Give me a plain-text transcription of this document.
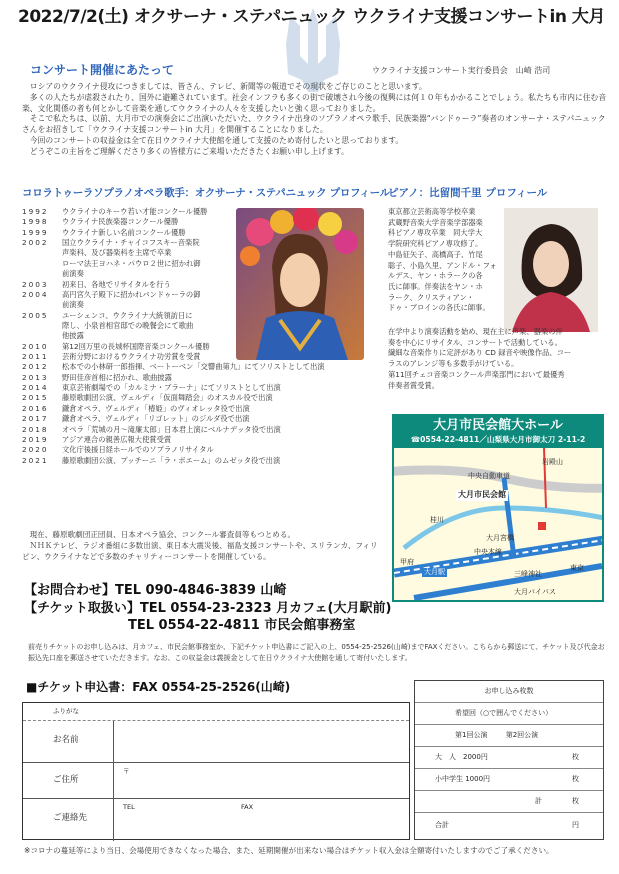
2022/7/2(土) オクサーナ・ステパニュック ウクライナ支援コンサートin 大月
コンサート開催にあたって	ウクライナ支援コンサート実行委員会　山崎 浩司

ロシアのウクライナ侵攻につきましては、皆さん、テレビ、新聞等の報道でその現状をご存じのことと思います。

多くの人たちが虐殺されたり、国外に避難されています。社会インフラも多くの街で破壊され今後の復興には何１０年もかかることでしょう。私たちも市内に住む音楽、文化関係の者も何とかして音楽を通してウクライナの人々を支援したいと強く思っておりました。

そこで私たちは、以前、大月市での演奏会にご出演いただいた、ウクライナ出身のソプラノオペラ歌手、民族楽器“バンドゥーラ”奏者のオンサーナ・ステパニュックさんをお招きして「ウクライナ支援コンサートin 大月」を開催することになりました。

今回のコンサートの収益金は全て在日ウクライナ大使館を通して支援のため寄付したいと思っております。

どうぞこの主旨をご理解くださり多くの皆様方にご来場いただきたくお願い申し上げます。

コロラトゥーラソプラノオペラ歌手：オクサーナ・ステパニュック プロフィール
ピアノ：比留間千里 プロフィール
1992	ウクライナのキーウ若い才能コンクール優勝
1998	ウクライナ民族楽器コンクール優勝
1999	ウクライナ新しい名前コンクール優勝
2002	国立ウクライナ・チャイコフスキー音楽院
声楽科、及び器楽科を主席で卒業
ローマ法王ヨハネ・パウロ２世に招かれ御
前演奏
2003	初来日、各地でリサイタルを行う
2004	高円宮久子殿下に招かれバンドゥーラの御
前演奏
2005	ユーシェンコ、ウクライナ大統領訪日に
際し、小泉首相官邸での晩餐会にて歌曲
他披露
2010	第12回万里の長城杯国際音楽コンクール優勝
2011	芸術分野におけるウクライナ功労賞を受賞
2012	松本での小林研一郎指揮、ベートーベン「交響曲第九」にてソリストとして出演
2013	野田佳彦首相に招かれ、歌曲披露
2014	東京芸術劇場での「カルミナ・ブラーナ」にてソリストとして出演
2015	藤原歌劇団公演、ヴェルディ「仮面舞踏会」のオスカル役で出演
2016	鎌倉オペラ、ヴェルディ「椿姫」のヴィオレッタ役で出演
2017	鎌倉オペラ、ヴェルディ「リゴレット」のジルダ役で出演
2018	オペラ「荒城の月～滝廉太郎」日本君上演にベルナデッタ役で出演
2019	アジア連合の親善広報大使賞受賞
2020	文化庁後援日経ホールでのソプラノリサイタル
2021	藤原歌劇団公演、プッチーニ「ラ・ボエーム」のムゼッタ役で出演
東京都立芸術高等学校卒業
武蔵野音楽大学音楽学部器楽
科ピアノ専攻卒業　同大学大
学院研究科ピアノ専攻修了。
中島征矢子、高橋高子、竹尾
聡子、小島久里、アンドル・フォ
ルデス、ヤン・ホラークの各
氏に師事。伴奏法をヤン・ホ
ラーク、クリスティアン・
ドゥ・ブロインの各氏に師事。
在学中より演奏活動を始め、現在主に声楽、器楽の伴
奏を中心にリサイタル、コンサートで活動している。
繊細な音楽作りに定評があり CD 録音や映像作品、コー
ラスのアレンジ等も多数手がけている。
第11回チェコ音楽コンクール声楽部門において最優秀
伴奏者賞受賞。

現在、藤原歌劇団正団員、日本オペラ協会、コンクール審査員等もつとめる。

ＮＨＫテレビ、ラジオ番組に多数出演、東日本大震災後、福島支援コンサートや、スリランカ、フィリピン、ウクライナなどで多数のチャリティーコンサートを開催している。

大月市民会館大ホール
☎0554-22-4811／山梨県大月市御太刀 2-11-2
岩殿山
中央自動車道
大月市民会館
桂川
大月宮橋
中央本線
甲府
大月駅	東京
三峰神社
大月バイパス
【お問合わせ】TEL 090-4846-3839 山崎
【チケット取扱い】TEL 0554-23-2323 月カフェ(大月駅前)
TEL 0554-22-4811 市民会館事務室
前売りチケットのお申し込みは、月カフェ、市民会館事務室か、下記チケット申込書にご記入の上、0554-25-2526(山崎)までFAXください。こちらから郵送にて、チケット及び代金お振込先口座を郵送させていただきます。なお、この収益金は義援金として在日ウクライナ大使館を通して寄付いたします。
■チケット申込書：FAX 0554-25-2526(山崎)
ふりがな
お名前
ご住所
〒
ご連絡先
TEL	FAX
お申し込み枚数
希望回（○で囲んでください）
第1回公演	第2回公演
大　人　2000円	枚
小中学生 1000円	枚
計	枚
合計	円
※コロナの蔓延等により当日、会場使用できなくなった場合、また、延期開催が出来ない場合はチケット収入金は全額寄付いたしますのでご了承ください。
